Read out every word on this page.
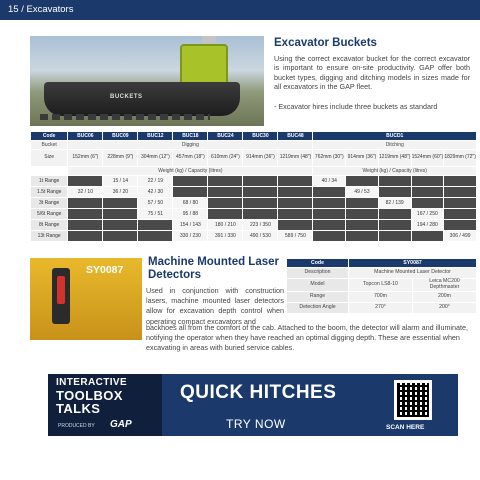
15 / Excavators
BUCKETS
Excavator Buckets
Using the correct excavator bucket for the correct excavator is important to ensure on-site productivity. GAP offer both bucket types, digging and ditching models in sizes made for all excavators in the GAP fleet.
- Excavator hires include three buckets as standard
Code	BUC06	BUC09	BUC12	BUC18	BUC24	BUC30	BUC48	BUCD1				
Bucket	Digging							Ditching				
Size	152mm (6")	228mm (9")	304mm (12")	457mm (18")	610mm (24")	914mm (36")	1219mm (48")	762mm (30")	914mm (36")	1219mm (48")	1524mm (60")	1829mm (72")
	Weight (kg) / Capacity (litres)							Weight (kg) / Capacity (litres)				
1t Range		15 / 14	22 / 19					40 / 34				
1.5t Range	32 / 10	36 / 20	42 / 30						49 / 53			
3t Range			57 / 50	68 / 80						82 / 139		
5/6t Range			75 / 51	95 / 88							167 / 250	
8t Range				154 / 143	180 / 210	223 / 350					194 / 280	
13t Range				330 / 230	391 / 330	490 / 530	589 / 750					306 / 499
SY0087
Machine Mounted Laser Detectors
Used in conjunction with construction lasers, machine mounted laser detectors allow for excavation depth control when operating compact excavators and
backhoes all from the comfort of the cab. Attached to the boom, the detector will alarm and illuminate, notifying the operator when they have reached an optimal digging depth. These are essential when excavating in areas with buried service cables.
Code	SY0087	
Description	Machine Mounted Laser Detector	
Model	Topcon LS8-10	Leica MC200 Depthmaster
Range	700m	200m
Detection Angle	270°	200°
INTERACTIVE
TOOLBOX
TALKS
PRODUCED BY GAP
QUICK HITCHES
TRY NOW	SCAN HERE
